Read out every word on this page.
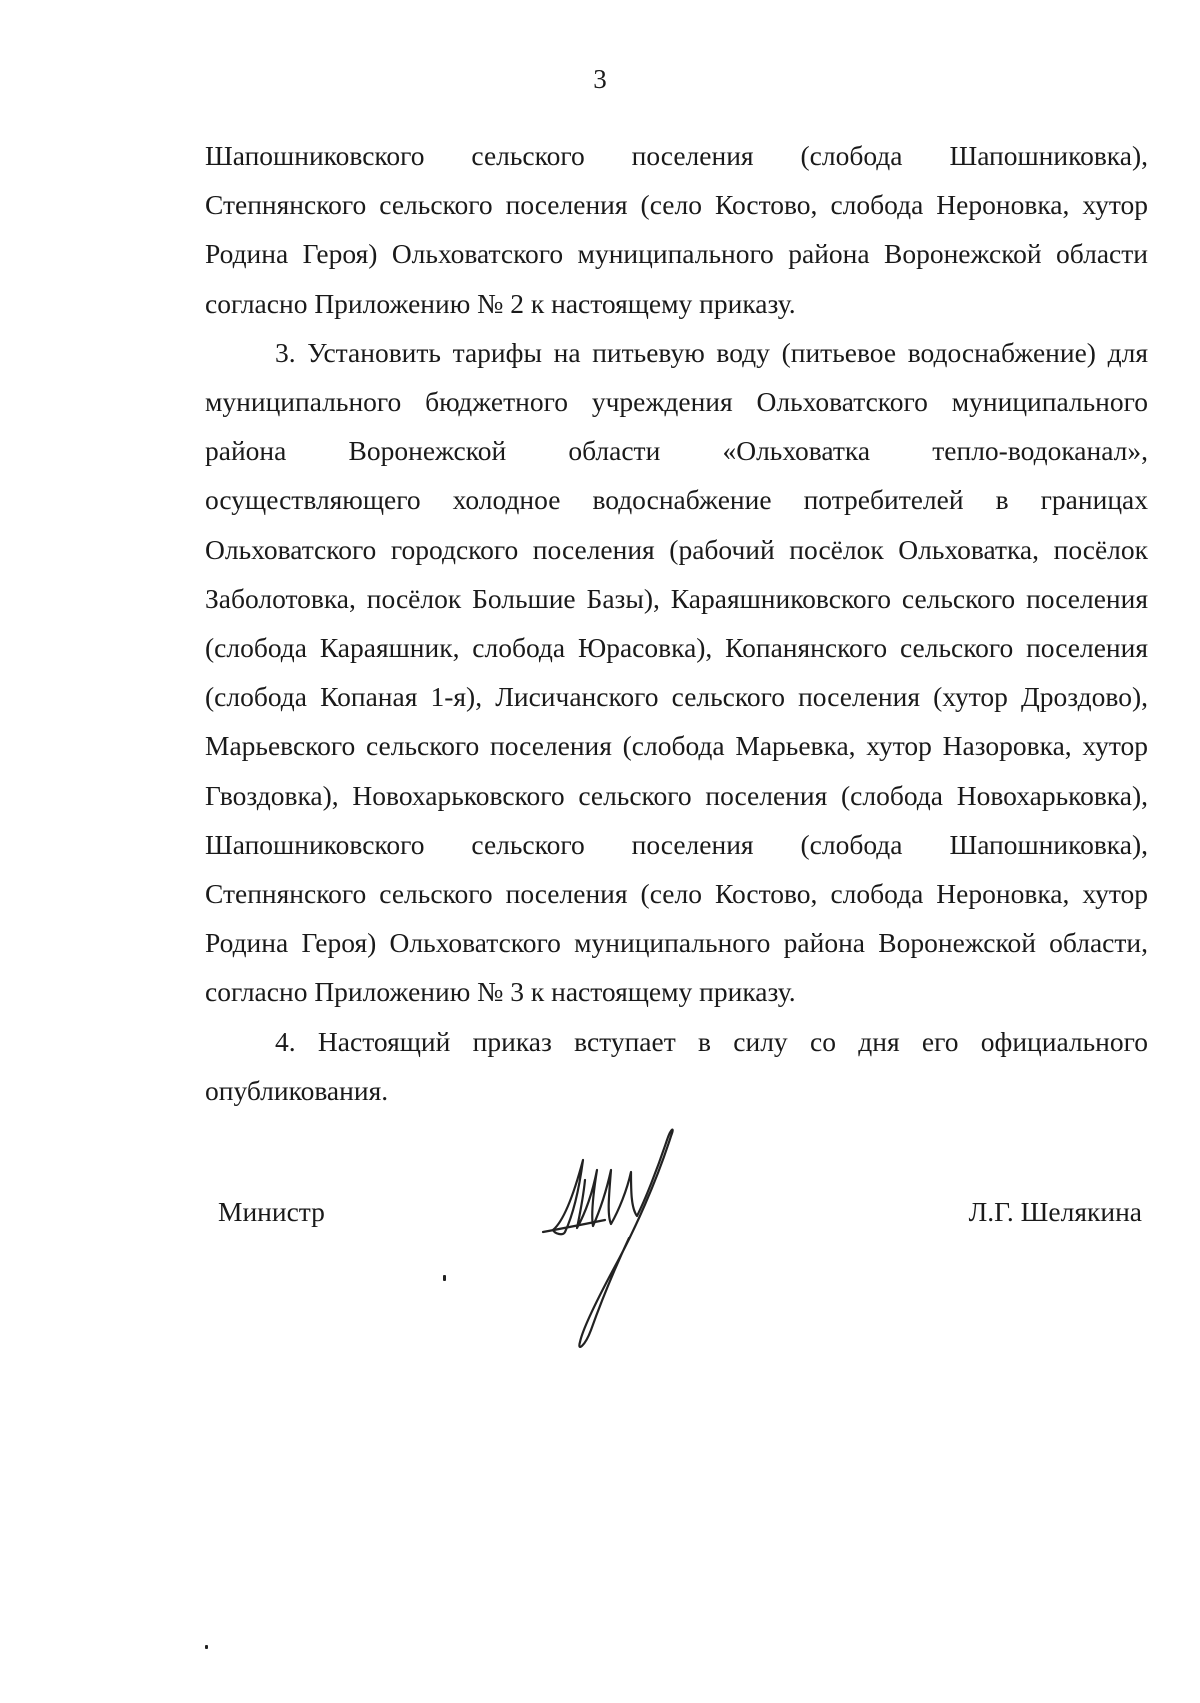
3

Шапошниковского сельского поселения (слобода Шапошниковка), Степнянского сельского поселения (село Костово, слобода Нероновка, хутор Родина Героя) Ольховатского муниципального района Воронежской области согласно Приложению № 2 к настоящему приказу.

3. Установить тарифы на питьевую воду (питьевое водоснабжение) для муниципального бюджетного учреждения Ольховатского муниципального района Воронежской области «Ольховатка тепло-водоканал», осуществляющего холодное водоснабжение потребителей в границах Ольховатского городского поселения (рабочий посёлок Ольховатка, посёлок Заболотовка, посёлок Большие Базы), Караяшниковского сельского поселения (слобода Караяшник, слобода Юрасовка), Копанянского сельского поселения (слобода Копаная 1-я), Лисичанского сельского поселения (хутор Дроздово), Марьевского сельского поселения (слобода Марьевка, хутор Назоровка, хутор Гвоздовка), Новохарьковского сельского поселения (слобода Новохарьковка), Шапошниковского сельского поселения (слобода Шапошниковка), Степнянского сельского поселения (село Костово, слобода Нероновка, хутор Родина Героя) Ольховатского муниципального района Воронежской области, согласно Приложению № 3 к настоящему приказу.

4. Настоящий приказ вступает в силу со дня его официального опубликования.

Министр	Л.Г. Шелякина
